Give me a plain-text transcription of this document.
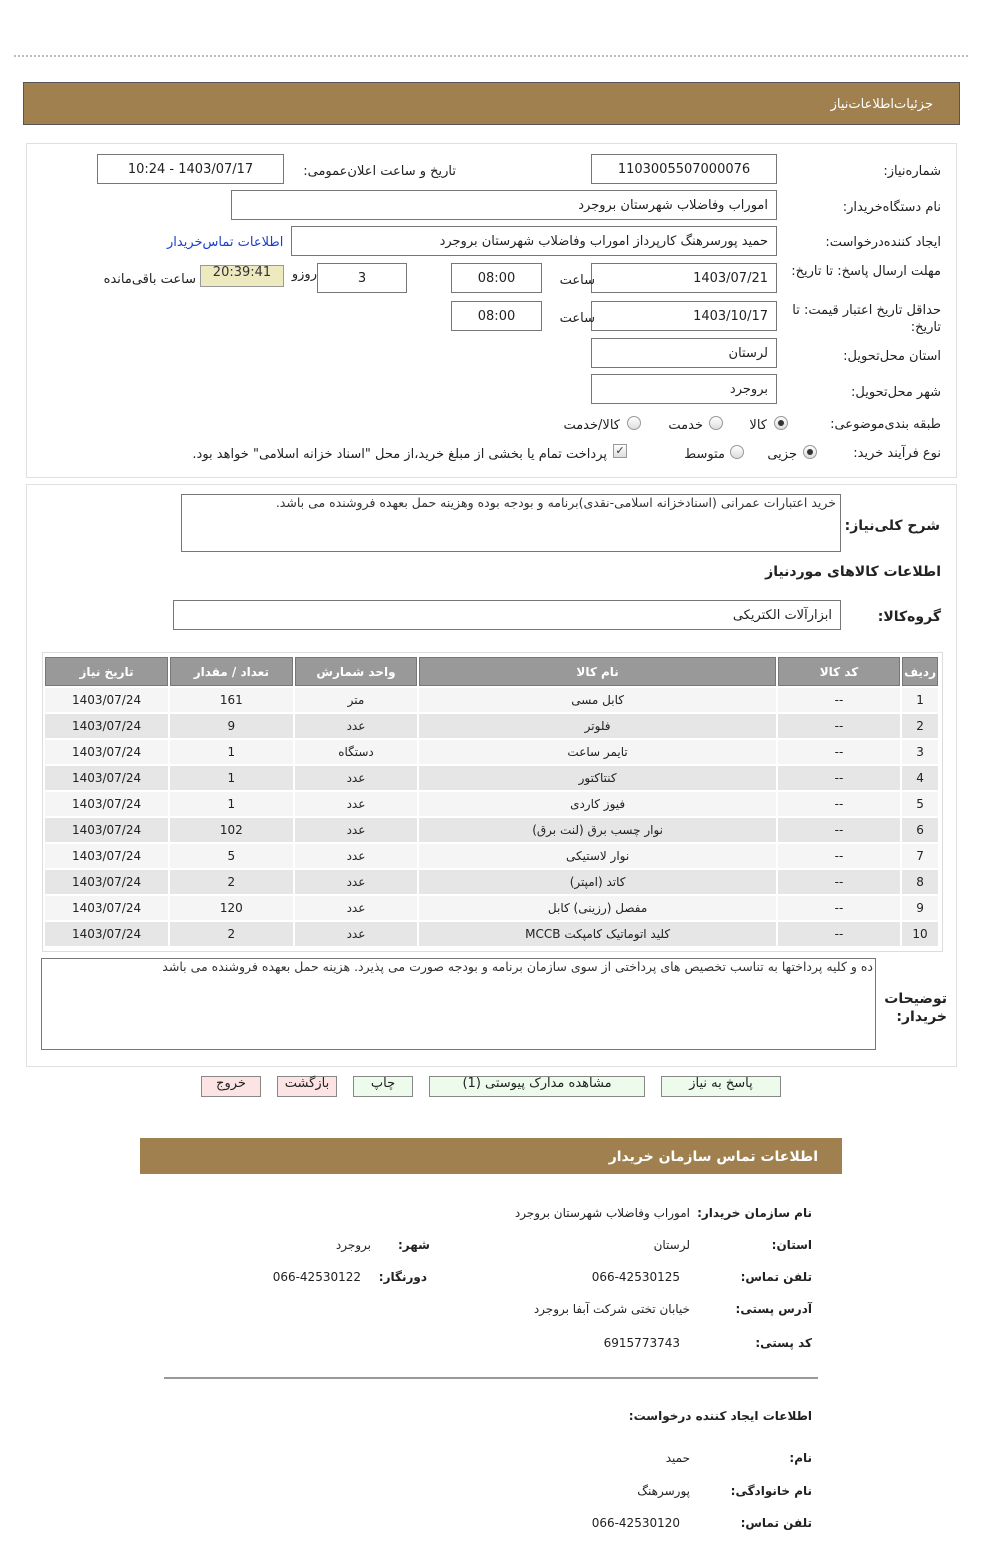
جزئیات‌اطلاعات‌نیاز
شماره‌نیاز:
1103005507000076
تاریخ و ساعت اعلان‌عمومی:
1403/07/17 - 10:24
نام دستگاه‌خریدار:
اموراب وفاضلاب شهرستان بروجرد
ایجاد کننده‌درخواست:
حمید پورسرهنگ کارپرداز اموراب وفاضلاب شهرستان بروجرد
اطلاعات تماس‌خریدار
مهلت ارسال پاسخ: تا تاریخ:
1403/07/21
ساعت
08:00
3
روزو
20:39:41
ساعت باقی‌مانده
حداقل تاریخ اعتبار قیمت: تا تاریخ:
1403/10/17
ساعت
08:00
استان محل‌تحویل:
لرستان
شهر محل‌تحویل:
بروجرد
طبقه بندی‌موضوعی:
کالا
خدمت
کالا/خدمت
نوع فرآیند خرید:
جزیی
متوسط
✓
پرداخت تمام یا بخشی از مبلغ خرید،از محل "اسناد خزانه اسلامی" خواهد بود.
شرح کلی‌نیاز:
خرید اعتبارات عمرانی (اسنادخزانه اسلامی-نقدی)برنامه و بودجه بوده وهزینه حمل بعهده فروشنده می باشد.
اطلاعات کالاهای مورد‌نیاز
گروه‌کالا:
ابزارآلات الکتریکی
ردیف	کد کالا	نام کالا	واحد شمارش	تعداد / مقدار	تاریخ نیاز
1	--	کابل مسی	متر	161	1403/07/24
2	--	فلوتر	عدد	9	1403/07/24
3	--	تایمر ساعت	دستگاه	1	1403/07/24
4	--	کنتاکتور	عدد	1	1403/07/24
5	--	فیوز کاردی	عدد	1	1403/07/24
6	--	نوار چسب برق (لنت برق)	عدد	102	1403/07/24
7	--	نوار لاستیکی	عدد	5	1403/07/24
8	--	کاتد (امپتر)	عدد	2	1403/07/24
9	--	مفصل (رزینی) کابل	عدد	120	1403/07/24
10	--	کلید اتوماتیک کامپکت MCCB	عدد	2	1403/07/24
توضیحات خریدار:
ده و کلیه پرداختها به تناسب تخصیص های پرداختی از سوی سازمان برنامه و بودجه صورت می پذیرد. هزینه حمل بعهده فروشنده می باشد
پاسخ به نیاز
مشاهده مدارک پیوستی (1)
چاپ
بازگشت
خروج
اطلاعات تماس سازمان خریدار
نام سازمان خریدار:
اموراب وفاضلاب شهرستان بروجرد
استان:
لرستان
شهر:
بروجرد
تلفن تماس:
066-42530125
دورنگار:
066-42530122
آدرس پستی:
خیابان تختی شرکت آبفا بروجرد
کد پستی:
6915773743
اطلاعات ایجاد کننده درخواست:
نام:
حمید
نام خانوادگی:
پورسرهنگ
تلفن تماس:
066-42530120
